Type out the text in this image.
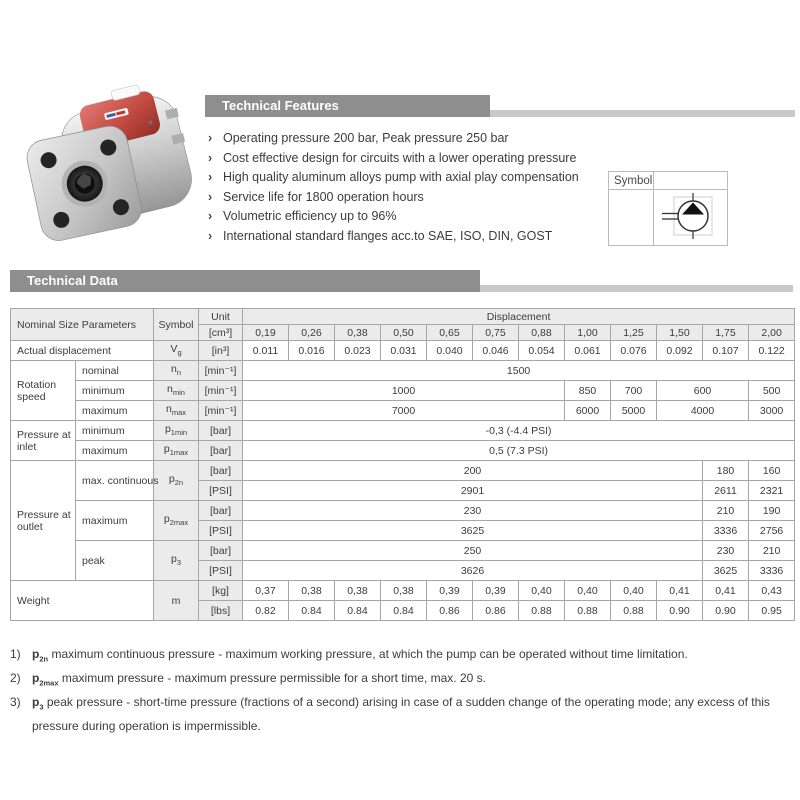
Technical Features
› Operating pressure 200 bar, Peak pressure 250 bar
› Cost effective design for circuits with a lower operating pressure
› High quality aluminum alloys pump with axial play compensation
› Service life for 1800 operation hours
› Volumetric efficiency up to 96%
› International standard flanges acc.to SAE, ISO, DIN, GOST
Symbol	

Technical Data
Nominal Size Parameters		Symbol	Unit	Displacement											
			[cm³]	0,19	0,26	0,38	0,50	0,65	0,75	0,88	1,00	1,25	1,50	1,75	2,00
Actual displacement		$V_g$	[in³]	0.011	0.016	0.023	0.031	0.040	0.046	0.054	0.061	0.076	0.092	0.107	0.122
Rotation speed	nominal	$n_n$	[min⁻¹]	1500											
	minimum	$n_{min}$	[min⁻¹]	1000							850	700	600		500
	maximum	$n_{max}$	[min⁻¹]	7000							6000	5000	4000		3000
Pressure at inlet	minimum	$p_{1min}$	[bar]	-0,3 (-4.4 PSI)											
	maximum	$p_{1max}$	[bar]	0,5 (7.3 PSI)											
Pressure at outlet	max. continuous	$p_{2n}$	[bar]	200										180	160
			[PSI]	2901										2611	2321
	maximum	$p_{2max}$	[bar]	230										210	190
			[PSI]	3625										3336	2756
	peak	$p_3$	[bar]	250										230	210
			[PSI]	3626										3625	3336
Weight		m	[kg]	0,37	0,38	0,38	0,38	0,39	0,39	0,40	0,40	0,40	0,41	0,41	0,43
			[lbs]	0.82	0.84	0.84	0.84	0.86	0.86	0.88	0.88	0.88	0.90	0.90	0.95
1) $p_{2n}$ maximum continuous pressure - maximum working pressure, at which the pump can be operated without time limitation.
2) $p_{2max}$ maximum pressure - maximum pressure permissible for a short time, max. 20 s.
3) $p_3$ peak pressure - short-time pressure (fractions of a second) arising in case of a sudden change of the operating mode; any excess of this pressure during operation is impermissible.
